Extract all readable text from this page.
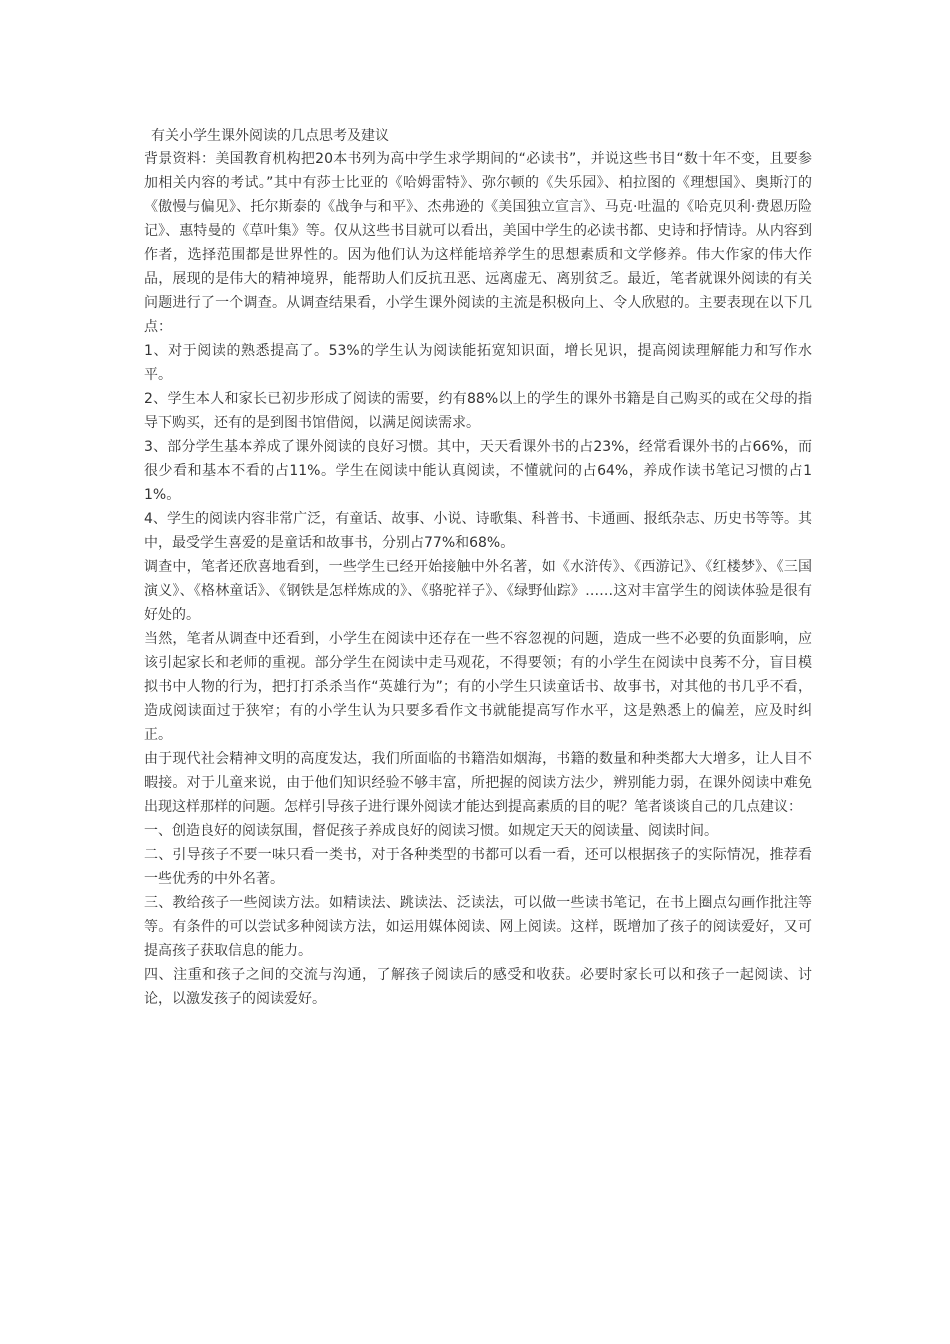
有关小学生课外阅读的几点思考及建议

背景资料：美国教育机构把20本书列为高中学生求学期间的“必读书”，并说这些书目“数十年不变，且要参加相关内容的考试。”其中有莎士比亚的《哈姆雷特》、弥尔顿的《失乐园》、柏拉图的《理想国》、奥斯汀的《傲慢与偏见》、托尔斯泰的《战争与和平》、杰弗逊的《美国独立宣言》、马克·吐温的《哈克贝利·费恩历险记》、惠特曼的《草叶集》等。仅从这些书目就可以看出，美国中学生的必读书都、史诗和抒情诗。从内容到作者，选择范围都是世界性的。因为他们认为这样能培养学生的思想素质和文学修养。伟大作家的伟大作品，展现的是伟大的精神境界，能帮助人们反抗丑恶、远离虚无、离别贫乏。最近，笔者就课外阅读的有关问题进行了一个调查。从调查结果看，小学生课外阅读的主流是积极向上、令人欣慰的。主要表现在以下几点：

1、对于阅读的熟悉提高了。53%的学生认为阅读能拓宽知识面，增长见识，提高阅读理解能力和写作水平。

2、学生本人和家长已初步形成了阅读的需要，约有88%以上的学生的课外书籍是自己购买的或在父母的指导下购买，还有的是到图书馆借阅，以满足阅读需求。

3、部分学生基本养成了课外阅读的良好习惯。其中，天天看课外书的占23%，经常看课外书的占66%，而很少看和基本不看的占11%。学生在阅读中能认真阅读，不懂就问的占64%，养成作读书笔记习惯的占11%。

4、学生的阅读内容非常广泛，有童话、故事、小说、诗歌集、科普书、卡通画、报纸杂志、历史书等等。其中，最受学生喜爱的是童话和故事书，分别占77%和68%。

调查中，笔者还欣喜地看到，一些学生已经开始接触中外名著，如《水浒传》、《西游记》、《红楼梦》、《三国演义》、《格林童话》、《钢铁是怎样炼成的》、《骆驼祥子》、《绿野仙踪》……这对丰富学生的阅读体验是很有好处的。

当然，笔者从调查中还看到，小学生在阅读中还存在一些不容忽视的问题，造成一些不必要的负面影响，应该引起家长和老师的重视。部分学生在阅读中走马观花，不得要领；有的小学生在阅读中良莠不分，盲目模拟书中人物的行为，把打打杀杀当作“英雄行为”；有的小学生只读童话书、故事书，对其他的书几乎不看，造成阅读面过于狭窄；有的小学生认为只要多看作文书就能提高写作水平，这是熟悉上的偏差，应及时纠正。

由于现代社会精神文明的高度发达，我们所面临的书籍浩如烟海，书籍的数量和种类都大大增多，让人目不暇接。对于儿童来说，由于他们知识经验不够丰富，所把握的阅读方法少，辨别能力弱，在课外阅读中难免出现这样那样的问题。怎样引导孩子进行课外阅读才能达到提高素质的目的呢？笔者谈谈自己的几点建议：

一、创造良好的阅读氛围，督促孩子养成良好的阅读习惯。如规定天天的阅读量、阅读时间。

二、引导孩子不要一味只看一类书，对于各种类型的书都可以看一看，还可以根据孩子的实际情况，推荐看一些优秀的中外名著。

三、教给孩子一些阅读方法。如精读法、跳读法、泛读法，可以做一些读书笔记，在书上圈点勾画作批注等等。有条件的可以尝试多种阅读方法，如运用媒体阅读、网上阅读。这样，既增加了孩子的阅读爱好，又可提高孩子获取信息的能力。

四、注重和孩子之间的交流与沟通，了解孩子阅读后的感受和收获。必要时家长可以和孩子一起阅读、讨论，以激发孩子的阅读爱好。
